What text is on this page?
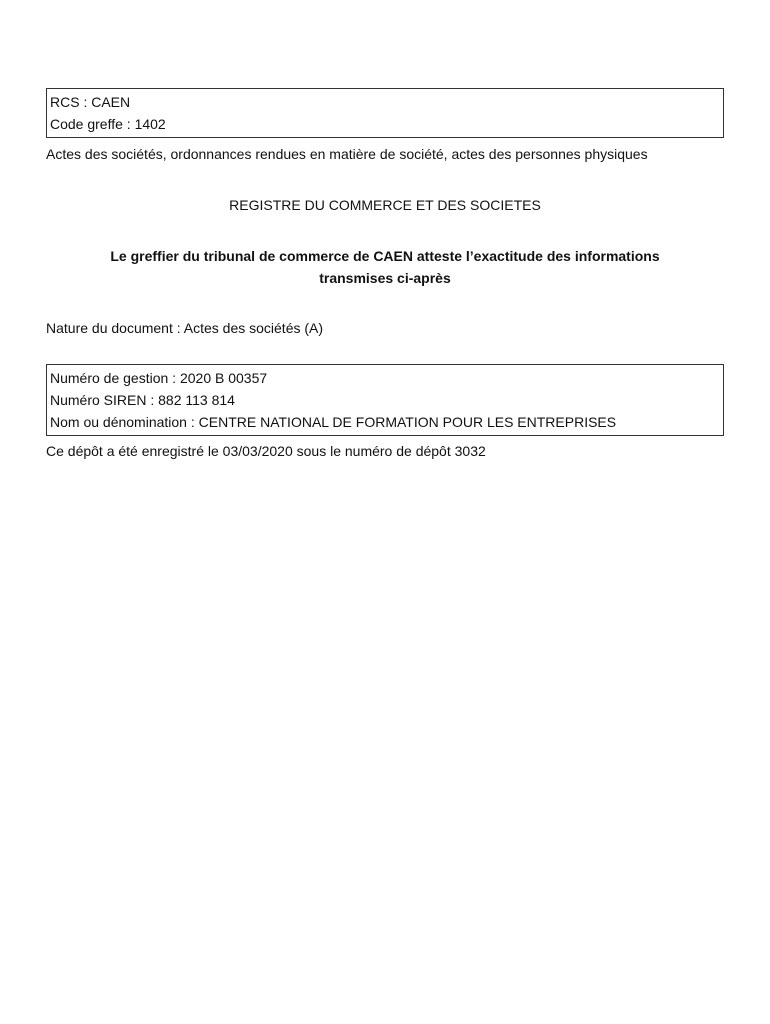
RCS : CAEN
Code greffe : 1402
Actes des sociétés, ordonnances rendues en matière de société, actes des personnes physiques
REGISTRE DU COMMERCE ET DES SOCIETES
Le greffier du tribunal de commerce de CAEN atteste l’exactitude des informations
transmises ci-après
Nature du document : Actes des sociétés (A)
Numéro de gestion : 2020 B 00357
Numéro SIREN : 882 113 814
Nom ou dénomination : CENTRE NATIONAL DE FORMATION POUR LES ENTREPRISES
Ce dépôt a été enregistré le 03/03/2020 sous le numéro de dépôt 3032
